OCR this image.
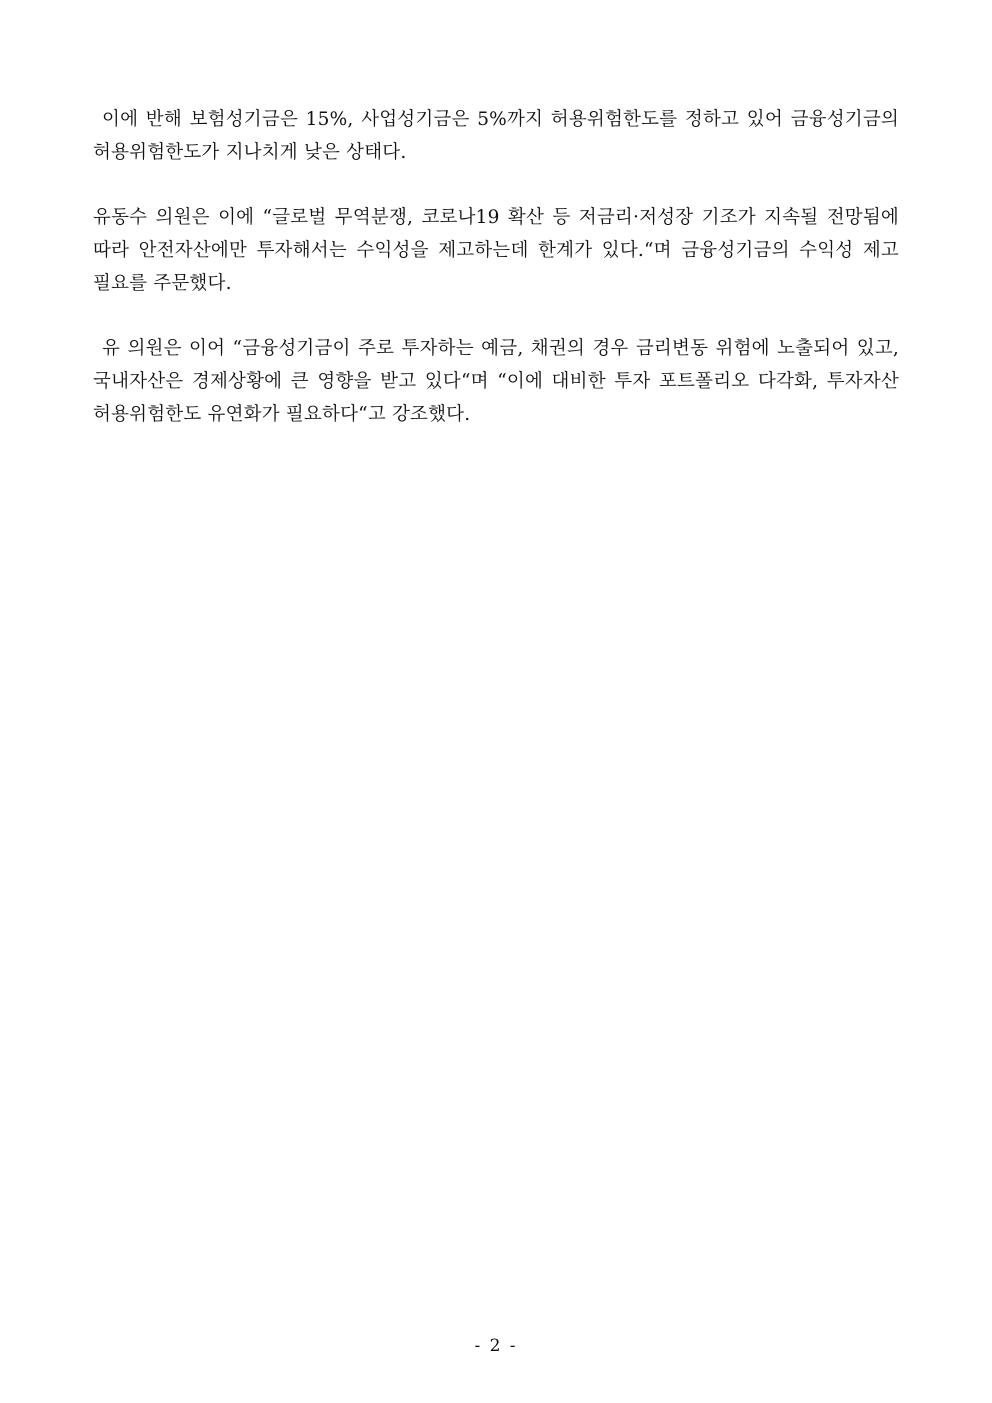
이에 반해 보험성기금은 15%, 사업성기금은 5%까지 허용위험한도를 정하고 있어 금융성기금의 허용위험한도가 지나치게 낮은 상태다.

유동수 의원은 이에 “글로벌 무역분쟁, 코로나19 확산 등 저금리·저성장 기조가 지속될 전망됨에 따라 안전자산에만 투자해서는 수익성을 제고하는데 한계가 있다.“며 금융성기금의 수익성 제고 필요를 주문했다.

유 의원은 이어 “금융성기금이 주로 투자하는 예금, 채권의 경우 금리변동 위험에 노출되어 있고, 국내자산은 경제상황에 큰 영향을 받고 있다“며 “이에 대비한 투자 포트폴리오 다각화, 투자자산 허용위험한도 유연화가 필요하다“고 강조했다.

- 2 -
